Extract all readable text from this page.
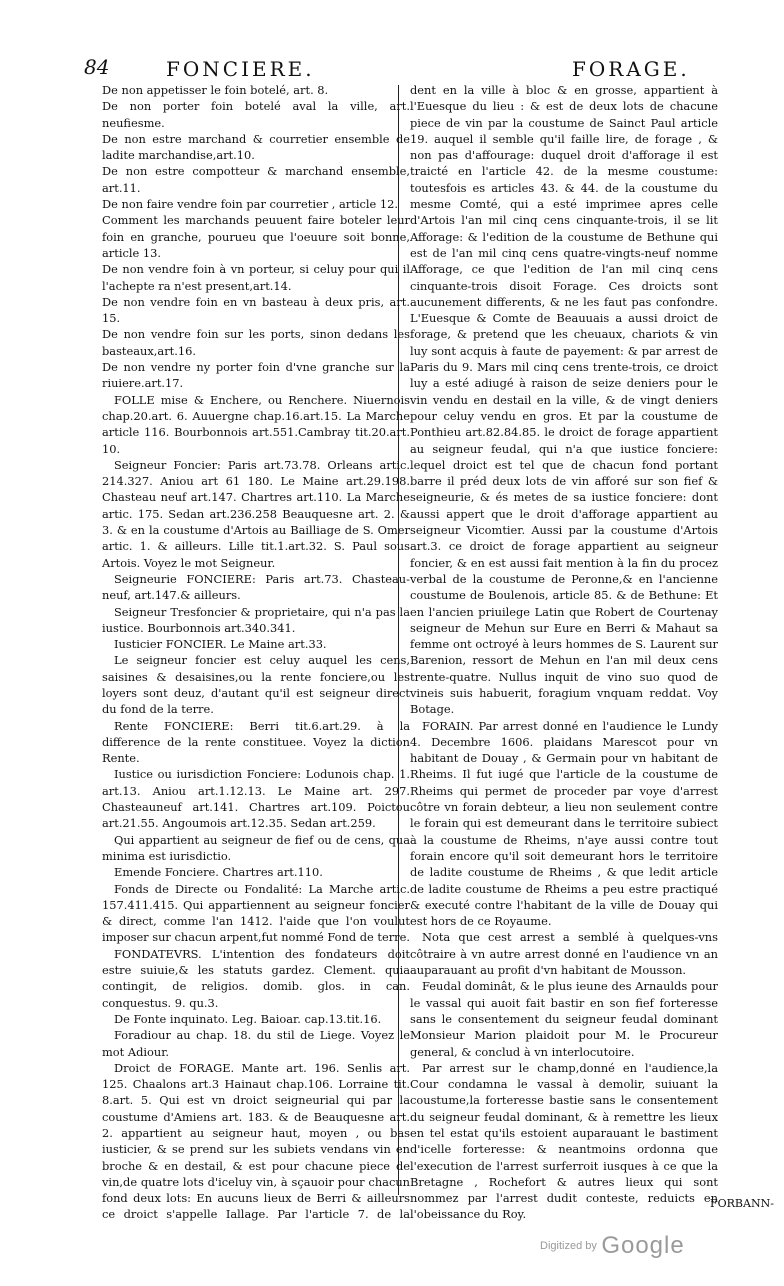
84	FONCIERE.	FORAGE.

De non appetisser le foin botelé, art. 8.

De non porter foin botelé aval la ville, art. neufiesme.

De non estre marchand & courretier ensemble de ladite marchandise,art.10.

De non estre compotteur & marchand ensemble, art.11.

De non faire vendre foin par courretier , article 12.

Comment les marchands peuuent faire boteler leur foin en granche, pourueu que l'oeuure soit bonne, article 13.

De non vendre foin à vn porteur, si celuy pour qui il l'achepte ra n'est present,art.14.

De non vendre foin en vn basteau à deux pris, art. 15.

De non vendre foin sur les ports, sinon dedans les basteaux,art.16.

De non vendre ny porter foin d'vne granche sur la riuiere.art.17.

FOLLE mise & Enchere, ou Renchere. Niuernois chap.20.art. 6. Auuergne chap.16.art.15. La Marche article 116. Bourbonnois art.551.Cambray tit.20.art. 10.

Seigneur Foncier: Paris art.73.78. Orleans artic. 214.327. Aniou art 61 180. Le Maine art.29.198. Chasteau neuf art.147. Chartres art.110. La Marche artic. 175. Sedan art.236.258 Beauquesne art. 2. & 3. & en la coustume d'Artois au Bailliage de S. Omer artic. 1. & ailleurs. Lille tit.1.art.32. S. Paul sous Artois. Voyez le mot Seigneur.

Seigneurie FONCIERE: Paris art.73. Chasteau-neuf, art.147.& ailleurs.

Seigneur Tresfoncier & proprietaire, qui n'a pas la iustice. Bourbonnois art.340.341.

Iusticier FONCIER. Le Maine art.33.

Le seigneur foncier est celuy auquel les cens, saisines & desaisines,ou la rente fonciere,ou les loyers sont deuz, d'autant qu'il est seigneur direct du fond de la terre.

Rente FONCIERE: Berri tit.6.art.29. à la difference de la rente constituee. Voyez la diction Rente.

Iustice ou iurisdiction Fonciere: Lodunois chap. 1. art.13. Aniou art.1.12.13. Le Maine art. 297. Chasteauneuf art.141. Chartres art.109. Poictou art.21.55. Angoumois art.12.35. Sedan art.259.

Qui appartient au seigneur de fief ou de cens, qua minima est iurisdictio.

Emende Fonciere. Chartres art.110.

Fonds de Directe ou Fondalité: La Marche artic. 157.411.415. Qui appartiennent au seigneur foncier & direct, comme l'an 1412. l'aide que l'on voulut imposer sur chacun arpent,fut nommé Fond de terre.

FONDATEVRS. L'intention des fondateurs doit estre suiuie,& les statuts gardez. Clement. quia contingit, de religios. domib. glos. in can. conquestus. 9. qu.3.

De Fonte inquinato. Leg. Baioar. cap.13.tit.16.

Foradiour au chap. 18. du stil de Liege. Voyez le mot Adiour.

Droict de FORAGE. Mante art. 196. Senlis art. 125. Chaalons art.3 Hainaut chap.106. Lorraine tit. 8.art. 5. Qui est vn droict seigneurial qui par la coustume d'Amiens art. 183. & de Beauquesne art. 2. appartient au seigneur haut, moyen , ou bas iusticier, & se prend sur les subiets vendans vin en broche & en destail, & est pour chacune piece de vin,de quatre lots d'iceluy vin, à sçauoir pour chacun fond deux lots: En aucuns lieux de Berri & ailleurs ce droict s'appelle Iallage. Par l'article 7. de la

dent en la ville à bloc & en grosse, appartient à l'Euesque du lieu : & est de deux lots de chacune piece de vin par la coustume de Sainct Paul article 19. auquel il semble qu'il faille lire, de forage , & non pas d'affourage: duquel droit d'afforage il est traicté en l'article 42. de la mesme coustume: toutesfois es articles 43. & 44. de la coustume du mesme Comté, qui a esté imprimee apres celle d'Artois l'an mil cinq cens cinquante-trois, il se lit Afforage: & l'edition de la coustume de Bethune qui est de l'an mil cinq cens quatre-vingts-neuf nomme Afforage, ce que l'edition de l'an mil cinq cens cinquante-trois disoit Forage. Ces droicts sont aucunement differents, & ne les faut pas confondre. L'Euesque & Comte de Beauuais a aussi droict de forage, & pretend que les cheuaux, chariots & vin luy sont acquis à faute de payement: & par arrest de Paris du 9. Mars mil cinq cens trente-trois, ce droict luy a esté adiugé à raison de seize deniers pour le vin vendu en destail en la ville, & de vingt deniers pour celuy vendu en gros. Et par la coustume de Ponthieu art.82.84.85. le droict de forage appartient au seigneur feudal, qui n'a que iustice fonciere: lequel droict est tel que de chacun fond portant barre il préd deux lots de vin afforé sur son fief & seigneurie, & és metes de sa iustice fonciere: dont aussi appert que le droit d'afforage appartient au seigneur Vicomtier. Aussi par la coustume d'Artois art.3. ce droict de forage appartient au seigneur foncier, & en est aussi fait mention à la fin du procez verbal de la coustume de Peronne,& en l'ancienne coustume de Boulenois, article 85. & de Bethune: Et en l'ancien priuilege Latin que Robert de Courtenay seigneur de Mehun sur Eure en Berri & Mahaut sa femme ont octroyé à leurs hommes de S. Laurent sur Barenion, ressort de Mehun en l'an mil deux cens trente-quatre. Nullus inquit de vino suo quod de vineis suis habuerit, foragium vnquam reddat. Voy Botage.

FORAIN. Par arrest donné en l'audience le Lundy 4. Decembre 1606. plaidans Marescot pour vn habitant de Douay , & Germain pour vn habitant de Rheims. Il fut iugé que l'article de la coustume de Rheims qui permet de proceder par voye d'arrest côtre vn forain debteur, a lieu non seulement contre le forain qui est demeurant dans le territoire subiect à la coustume de Rheims, n'aye aussi contre tout forain encore qu'il soit demeurant hors le territoire de ladite coustume de Rheims , & que ledit article de ladite coustume de Rheims a peu estre practiqué & executé contre l'habitant de la ville de Douay qui est hors de ce Royaume.

Nota que cest arrest a semblé à quelques-vns côtraire à vn autre arrest donné en l'audience vn an auparauant au profit d'vn habitant de Mousson.

Feudal dominât, & le plus ieune des Arnaulds pour le vassal qui auoit fait bastir en son fief forteresse sans le consentement du seigneur feudal dominant Monsieur Marion plaidoit pour M. le Procureur general, & conclud à vn interlocutoire.

Par arrest sur le champ,donné en l'audience,la Cour condamna le vassal à demolir, suiuant la coustume,la forteresse bastie sans le consentement du seigneur feudal dominant, & à remettre les lieux en tel estat qu'ils estoient auparauant le bastiment d'icelle forteresse: & neantmoins ordonna que l'execution de l'arrest surferroit iusques à ce que la Bretagne , Rochefort & autres lieux qui sont nommez par l'arrest dudit conteste, reduicts en l'obeissance du Roy.

FORBANN-
Digitized by Google
